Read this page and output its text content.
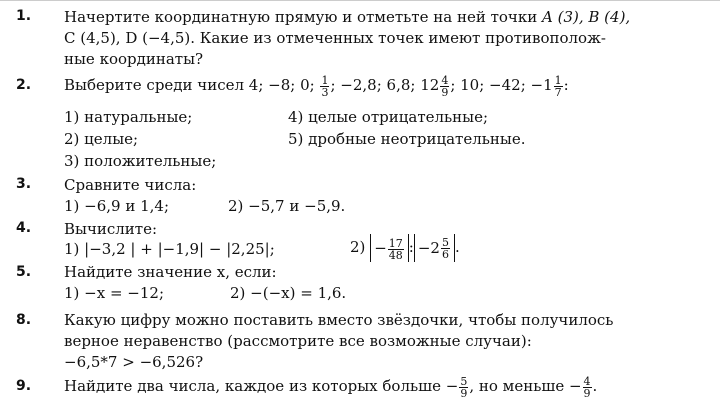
1.	Начертите координатную прямую и отметьте на ней точки A (3), B (4),
C (4,5), D (−4,5). Какие из отмеченных точек имеют противополож-
ные координаты?
2.	Выберите среди чисел 4; −8; 0; $\frac{1}{3}$ ; −2,8; 6,8; $12 \frac{4}{9}$ ; 10; −42; $-1 \frac{1}{7}$ :
1) натуральные;	4) целые отрицательные;
2) целые;	5) дробные неотрицательные.
3) положительные;
3.	Сравните числа:
1) −6,9 и 1,4;	2) −5,7 и −5,9.
4.	Вычислите:
1) |−3,2 | + |−1,9| − |2,25|;	$2) - \frac{17}{48}$ : $-2 \frac{5}{6}$ .
5.	Найдите значение x, если:
1) −x = −12;	2) −(−x) = 1,6.
8.	Какую цифру можно поставить вместо звёздочки, чтобы получилось
верное неравенство (рассмотрите все возможные случаи):
−6,5*7 > −6,526?
9.	Найдите два числа, каждое из которых больше − $\frac{5}{9}$ , но меньше − $\frac{4}{9}$ .
